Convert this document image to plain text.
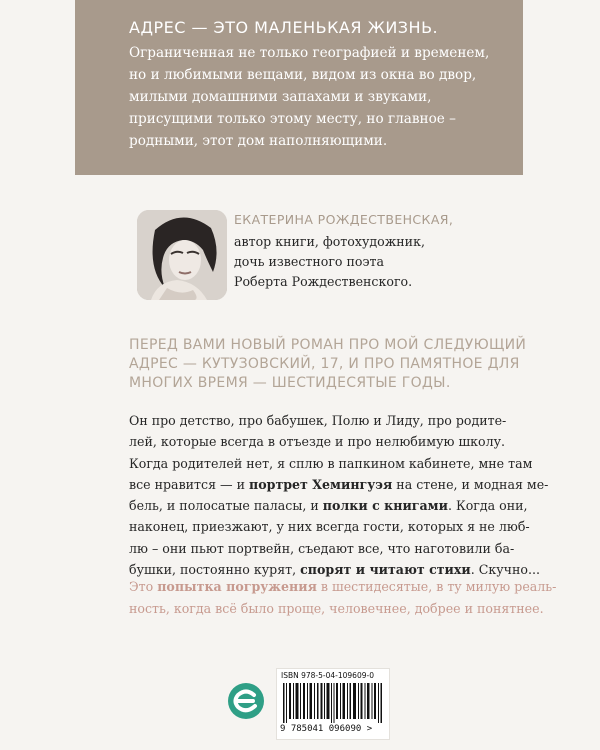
АДРЕС — ЭТО МАЛЕНЬКАЯ ЖИЗНЬ.
Ограниченная не только географией и временем,
но и любимыми вещами, видом из окна во двор,
милыми домашними запахами и звуками,
присущими только этому месту, но главное –
родными, этот дом наполняющими.
ЕКАТЕРИНА РОЖДЕСТВЕНСКАЯ,
автор книги, фотохудожник,
дочь известного поэта
Роберта Рождественского.
ПЕРЕД ВАМИ НОВЫЙ РОМАН ПРО МОЙ СЛЕДУЮЩИЙ
АДРЕС — КУТУЗОВСКИЙ, 17, И ПРО ПАМЯТНОЕ ДЛЯ
МНОГИХ ВРЕМЯ — ШЕСТИДЕСЯТЫЕ ГОДЫ.
Он про детство, про бабушек, Полю и Лиду, про родите-
лей, которые всегда в отъезде и про нелюбимую школу.
Когда родителей нет, я сплю в папкином кабинете, мне там
все нравится — и портрет Хемингуэя на стене, и модная ме-
бель, и полосатые паласы, и полки с книгами. Когда они,
наконец, приезжают, у них всегда гости, которых я не люб-
лю – они пьют портвейн, съедают все, что наготовили ба-
бушки, постоянно курят, спорят и читают стихи. Скучно...
Это попытка погружения в шестидесятые, в ту милую реаль-
ность, когда всё было проще, человечнее, добрее и понятнее.
ISBN 978-5-04-109609-0
9 785041 096090 >
